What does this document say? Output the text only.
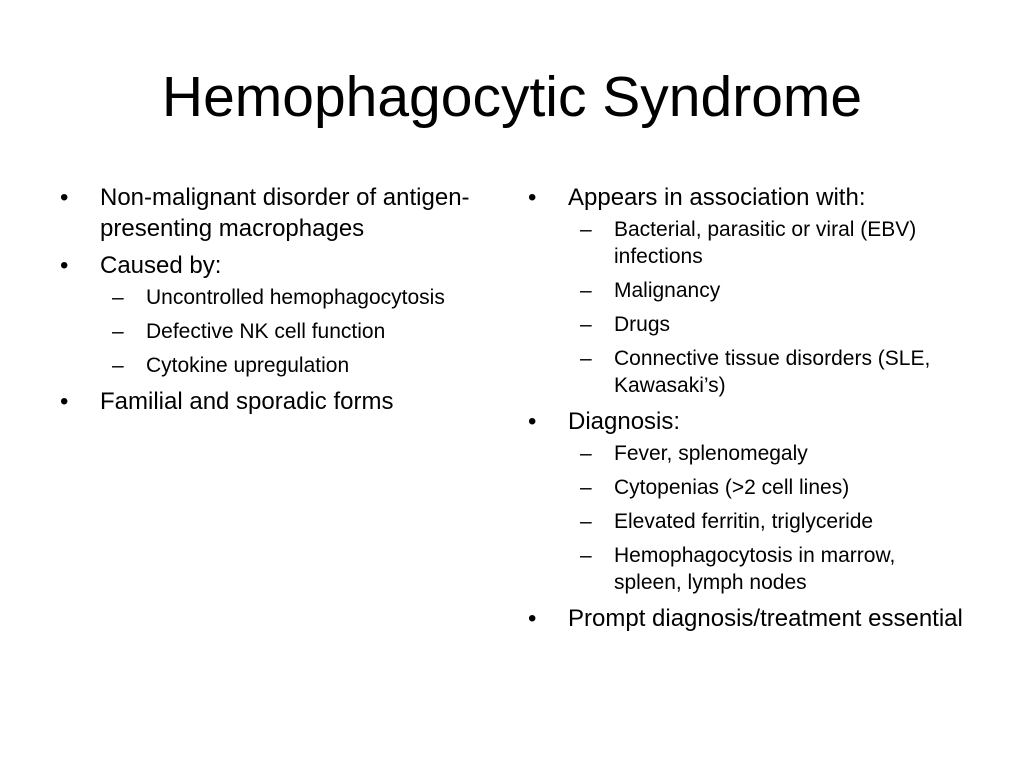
Hemophagocytic Syndrome
•	Non-malignant disorder of antigen-presenting macrophages
•	Caused by:
– Uncontrolled hemophagocytosis
– Defective NK cell function
– Cytokine upregulation
•	Familial and sporadic forms
•	Appears in association with:
– Bacterial, parasitic or viral (EBV) infections
– Malignancy
– Drugs
– Connective tissue disorders (SLE, Kawasaki’s)
•	Diagnosis:
– Fever, splenomegaly
– Cytopenias (>2 cell lines)
– Elevated ferritin, triglyceride
– Hemophagocytosis in marrow, spleen, lymph nodes
•	Prompt diagnosis/treatment essential
